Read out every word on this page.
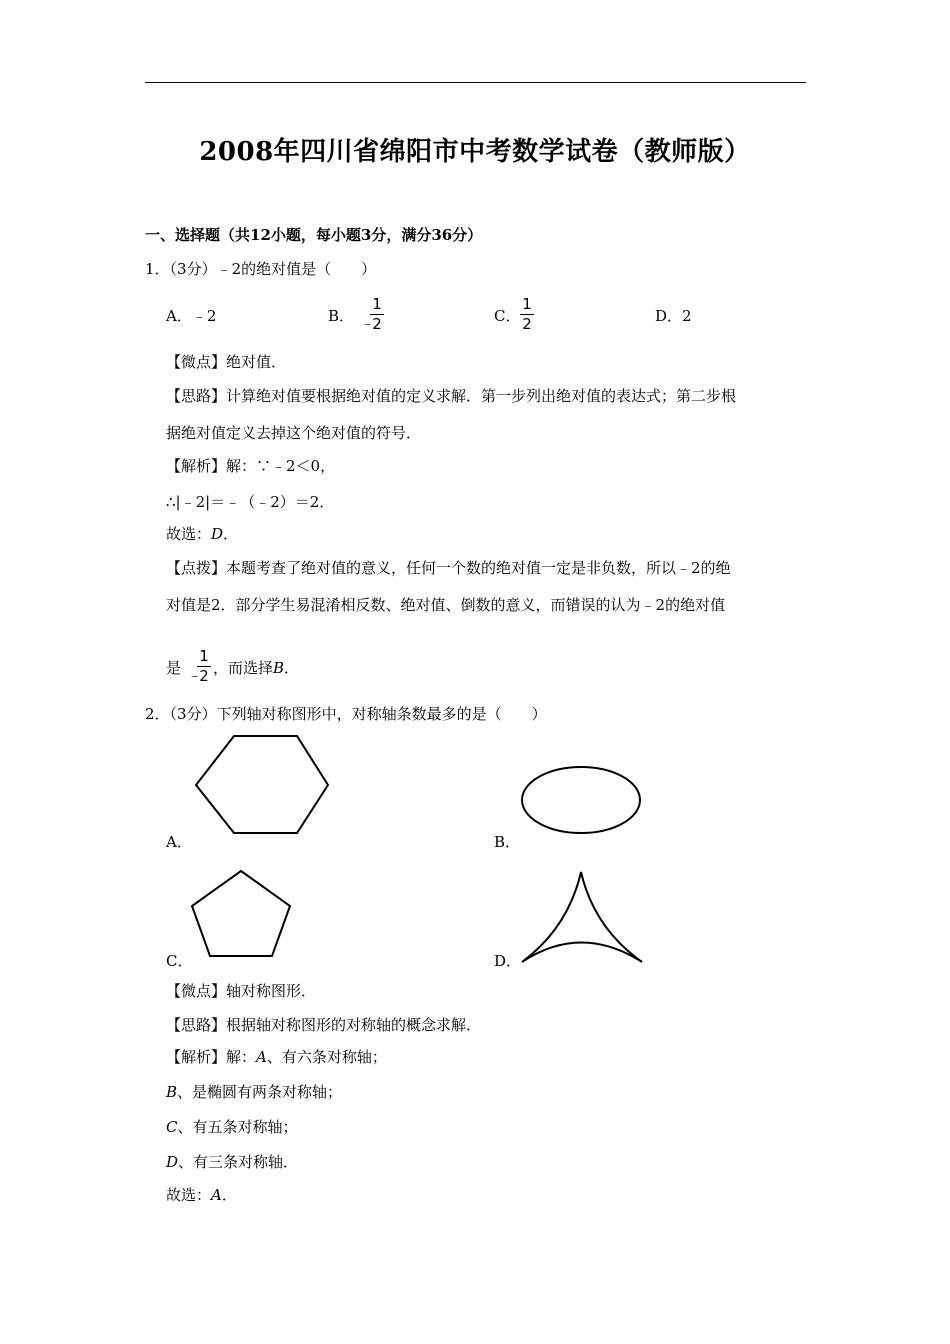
2008年四川省绵阳市中考数学试卷（教师版）
一、选择题（共12小题，每小题3分，满分36分）
1．（3分）﹣2的绝对值是（　　）
A．﹣2	B． ﹣
1
2	C．
1
2	D．2
【微点】绝对值．
【思路】计算绝对值要根据绝对值的定义求解．第一步列出绝对值的表达式；第二步根
据绝对值定义去掉这个绝对值的符号．
【解析】解：∵﹣2＜0，
∴|﹣2|＝﹣（﹣2）＝2．
故选：D．
【点拨】本题考查了绝对值的意义，任何一个数的绝对值一定是非负数，所以﹣2的绝
对值是2．部分学生易混淆相反数、绝对值、倒数的意义，而错误的认为﹣2的绝对值
是 ﹣
1
2 ，而选择B．
2．（3分）下列轴对称图形中，对称轴条数最多的是（　　）
A．	B．
C．	D．
【微点】轴对称图形．
【思路】根据轴对称图形的对称轴的概念求解．
【解析】解：A、有六条对称轴；
B、是椭圆有两条对称轴；
C、有五条对称轴；
D、有三条对称轴．
故选：A．
